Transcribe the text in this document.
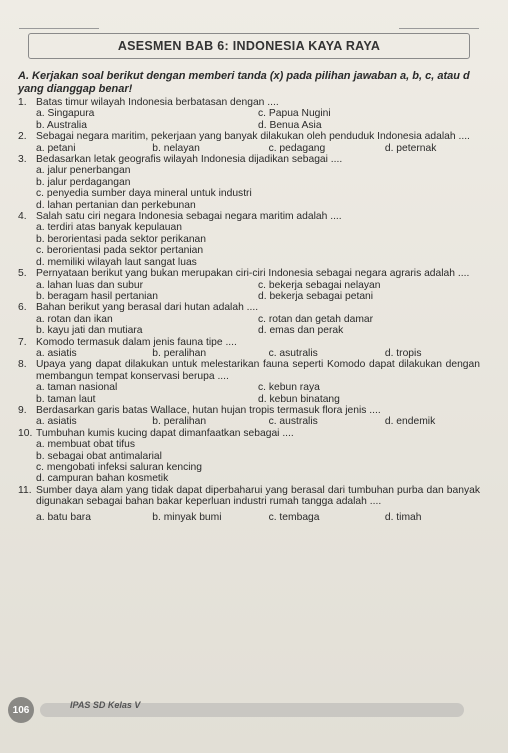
ASESMEN BAB 6: INDONESIA KAYA RAYA
A. Kerjakan soal berikut dengan memberi tanda (x) pada pilihan jawaban a, b, c, atau d yang dianggap benar!
1. Batas timur wilayah Indonesia berbatasan dengan ....
a. Singapura	c. Papua Nugini
b. Australia	d. Benua Asia
2. Sebagai negara maritim, pekerjaan yang banyak dilakukan oleh penduduk Indonesia adalah ....
a. petani	b. nelayan	c. pedagang	d. peternak
3. Bedasarkan letak geografis wilayah Indonesia dijadikan sebagai ....
a. jalur penerbangan
b. jalur perdagangan
c. penyedia sumber daya mineral untuk industri
d. lahan pertanian dan perkebunan
4. Salah satu ciri negara Indonesia sebagai negara maritim adalah ....
a. terdiri atas banyak kepulauan
b. berorientasi pada sektor perikanan
c. berorientasi pada sektor pertanian
d. memiliki wilayah laut sangat luas
5. Pernyataan berikut yang bukan merupakan ciri-ciri Indonesia sebagai negara agraris adalah ....
a. lahan luas dan subur	c. bekerja sebagai nelayan
b. beragam hasil pertanian	d. bekerja sebagai petani
6. Bahan berikut yang berasal dari hutan adalah ....
a. rotan dan ikan	c. rotan dan getah damar
b. kayu jati dan mutiara	d. emas dan perak
7. Komodo termasuk dalam jenis fauna tipe ....
a. asiatis	b. peralihan	c. asutralis	d. tropis
8. Upaya yang dapat dilakukan untuk melestarikan fauna seperti Komodo dapat dilakukan dengan membangun tempat konservasi berupa ....
a. taman nasional	c. kebun raya
b. taman laut	d. kebun binatang
9. Berdasarkan garis batas Wallace, hutan hujan tropis termasuk flora jenis ....
a. asiatis	b. peralihan	c. australis	d. endemik
10. Tumbuhan kumis kucing dapat dimanfaatkan sebagai ....
a. membuat obat tifus
b. sebagai obat antimalarial
c. mengobati infeksi saluran kencing
d. campuran bahan kosmetik
11. Sumber daya alam yang tidak dapat diperbaharui yang berasal dari tumbuhan purba dan banyak digunakan sebagai bahan bakar keperluan industri rumah tangga adalah ....
a. batu bara	b. minyak bumi	c. tembaga	d. timah
106	IPAS SD Kelas V
